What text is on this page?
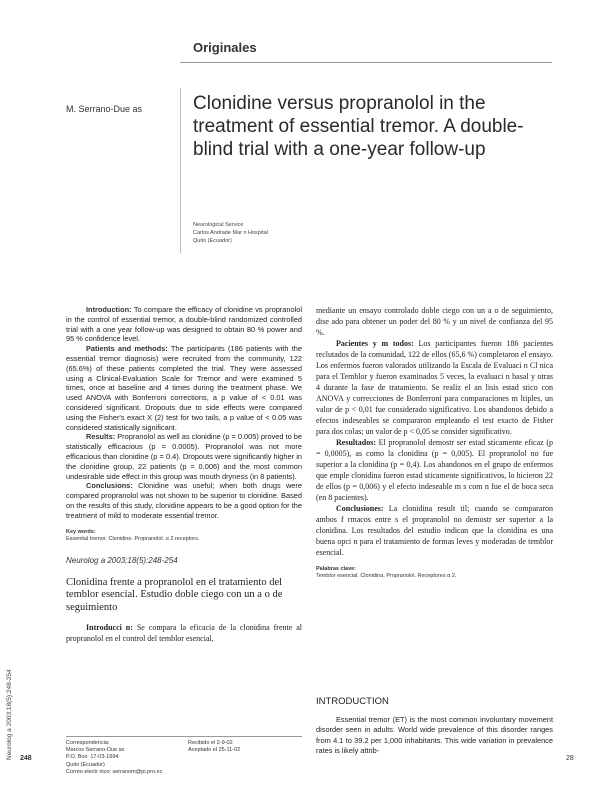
Originales
M. Serrano-Due as	Clonidine versus propranolol in the treatment of essential tremor. A double-blind trial with a one-year follow-up
Neurological Service
Carlos Andrade Mar n Hospital
Quito (Ecuador)
Neurolog a 2003;18(5):248-254

Introduction: To compare the efficacy of clonidine vs propranolol in the control of essential tremor, a double-blind randomized controlled trial with a one year follow-up was designed to obtain 80 % power and 95 % confidence level.

Patients and methods: The participants (186 patients with the essential tremor diagnosis) were recruited from the community, 122 (65.6%) of these patients completed the trial. They were assessed using a Clinical-Evaluation Scale for Tremor and were examined 5 times, once at baseline and 4 times during the treatment phase. We used ANOVA with Bonferroni corrections, a p value of < 0.01 was considered significant. Dropouts due to side effects were compared using the Fisher's exact X (2) test for two tails, a p value of < 0.05 was considered statistically significant.

Results: Propranolol as well as clonidine (p = 0.005) proved to be statistically efficacious (p = 0.0005). Propranolol was not more efficacious than clonidine (p = 0.4). Dropouts were significantly higher in the clonidine group, 22 patients (p = 0.006) and the most common undesirable side effect in this group was mouth dryness (in 8 patients).

Conclusions: Clonidine was useful; when both drugs were compared propranolol was not shown to be superior to clonidine. Based on the results of this study, clonidine appears to be a good option for the treatment of mild to moderate essential tremor.

Key words:
Essential tremor. Clonidine. Propranolol. α 2 receptors.
Neurolog a 2003;18(5):248-254
Clonidina frente a propranolol en el tratamiento del temblor esencial. Estudio doble ciego con un a o de seguimiento

Introducci n: Se compara la eficacia de la clonidina frente al propranolol en el control del temblor esencial,

mediante un ensayo controlado doble ciego con un a o de seguimiento, dise ado para obtener un poder del 80 % y un nivel de confianza del 95 %.

Pacientes y m todos: Los participantes fueron 186 pacientes reclutados de la comunidad, 122 de ellos (65,6 %) completaron el ensayo. Los enfermos fueron valorados utilizando la Escala de Evaluaci n Cl nica para el Temblor y fueron examinados 5 veces, la evaluaci n basal y otras 4 durante la fase de tratamiento. Se realiz el an lisis estad stico con ANOVA y correcciones de Bonferroni para comparaciones m ltiples, un valor de p < 0,01 fue considerado significativo. Los abandonos debido a efectos indeseables se compararon empleando el test exacto de Fisher para dos colas; un valor de p < 0,05 se consider significativo.

Resultados: El propranolol demostr ser estad sticamente eficaz (p = 0,0005), as como la clonidina (p = 0,005). El propranolol no fue superior a la clonidina (p = 0,4). Los abandonos en el grupo de enfermos que emple clonidina fueron estad sticamente significativos, lo hicieron 22 de ellos (p = 0,006) y el efecto indeseable m s com n fue el de boca seca (en 8 pacientes).

Conclusiones: La clonidina result til; cuando se compararon ambos f rmacos entre s el propranolol no demostr ser superior a la clonidina. Los resultados del estudio indican que la clonidina es una buena opci n para el tratamiento de formas leves y moderadas de temblor esencial.

Palabras clave:
Temblor esencial. Clonidina. Propranolol. Receptores α 2.
INTRODUCTION

Essential tremor (ET) is the most common involuntary movement disorder seen in adults. World wide prevalence of this disorder ranges from 4.1 to 39.2 per 1,000 inhabitants. This wide variation in prevalence rates is likely attrib-

Correspondencia:
Marcos Serrano-Due as
P.O. Box: 17-03-1694
Quito (Ecuador)
Correo electr nico: serranom@pi.pro.ec
Recibido el 2-9-02
Aceptado el 25-11-02
248	28
